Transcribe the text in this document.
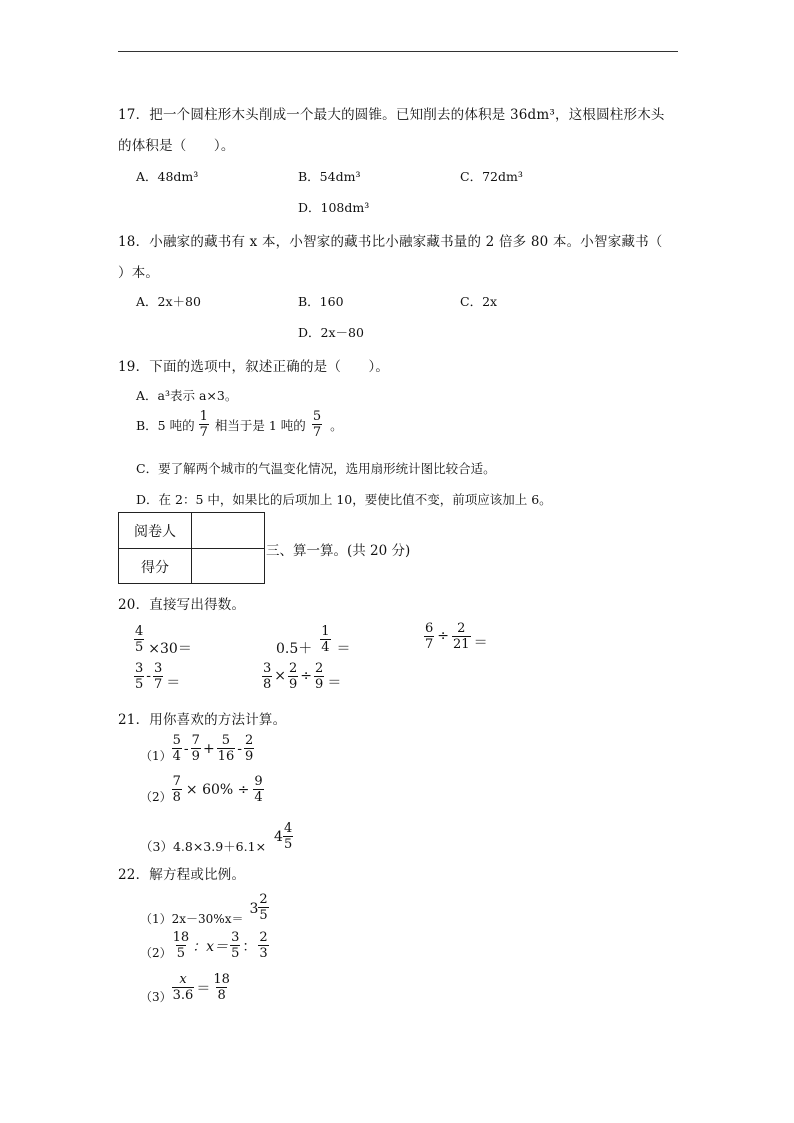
17．把一个圆柱形木头削成一个最大的圆锥。已知削去的体积是 36dm³，这根圆柱形木头
的体积是（　　）。
A．48dm³	B．54dm³	C．72dm³
D．108dm³
18．小融家的藏书有 x 本，小智家的藏书比小融家藏书量的 2 倍多 80 本。小智家藏书（
）本。
A．2x＋80	B．160	C．2x
D．2x－80
19．下面的选项中，叙述正确的是（　　）。
A．a³表示 a×3。
B．5 吨的 $\frac{1}{7}$ 相当于是 1 吨的 $\frac{5}{7}$ 。
C．要了解两个城市的气温变化情况，选用扇形统计图比较合适。
D．在 2：5 中，如果比的后项加上 10，要使比值不变，前项应该加上 6。
阅卷人
得分
三、算一算。(共 20 分)
20．直接写出得数。
$\frac{4}{5} \times 30=$	$0.5+ \frac{1}{4}$ ＝	$\frac{6}{7} \div \frac{2}{21}$ ＝
$\frac{3}{5} - \frac{3}{7}$ ＝	$\frac{3}{8} \times \frac{2}{9} \div \frac{2}{9}$ ＝
21．用你喜欢的方法计算。
$(1) \frac{5}{4} - \frac{7}{9} + \frac{5}{16} - \frac{2}{9}$
$(2) \frac{7}{8} \times 60\% \div \frac{9}{4}$
（3）4.8×3.9＋6.1×
$4 \frac{4}{5}$
22．解方程或比例。
（1）2x－30%x＝
$3 \frac{2}{5}$
$(2) \frac{18}{5}$ ：$x= \frac{3}{5}$ ： $\frac{2}{3}$
$(3) \frac{x}{3.6} = \frac{18}{8}$
